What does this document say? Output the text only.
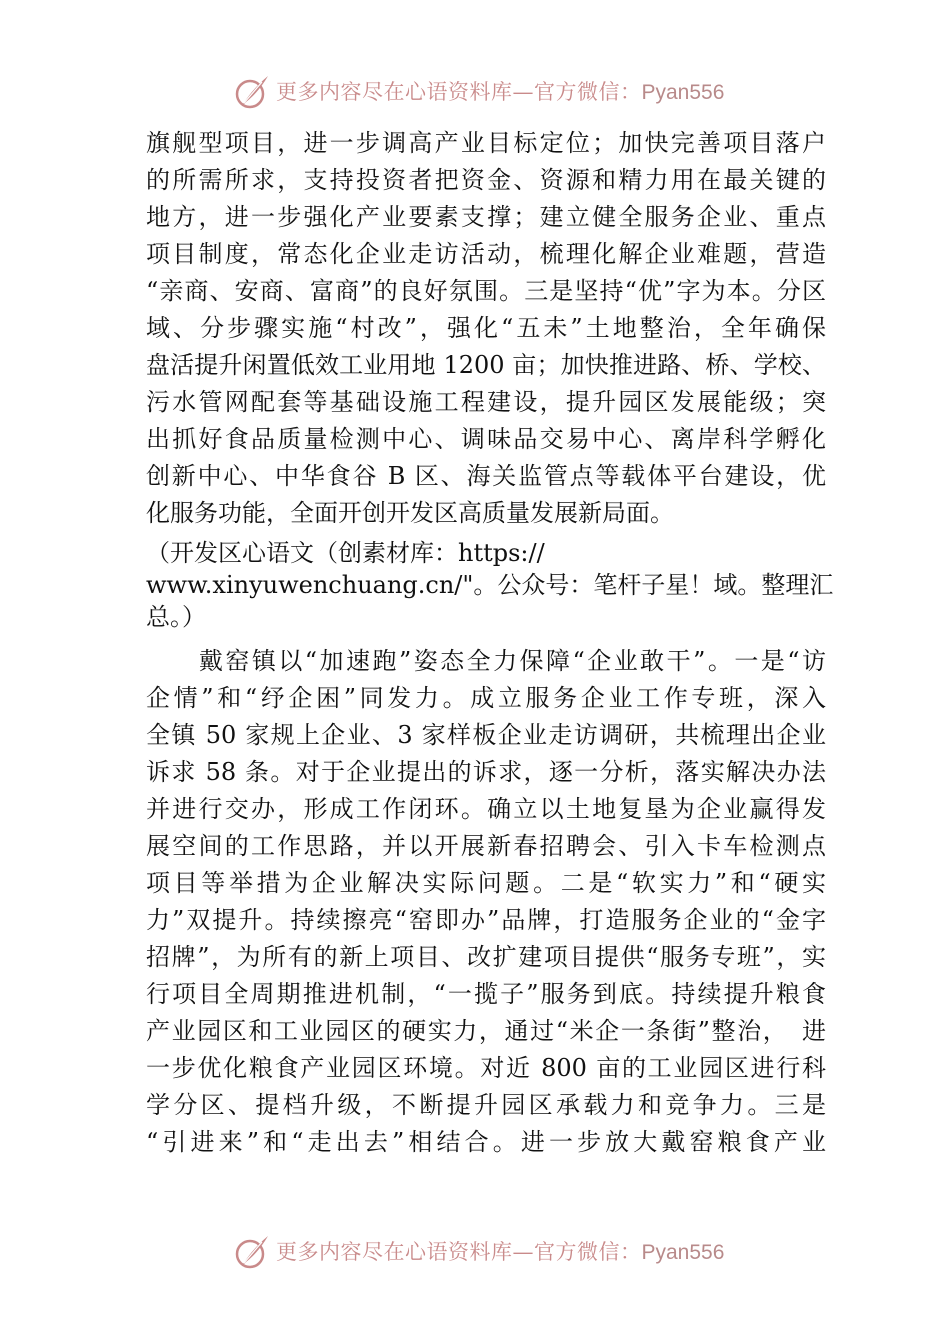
更多内容尽在心语资料库—官方微信：Pyan556
旗舰型项目，进一步调高产业目标定位；加快完善项目落户
的所需所求，支持投资者把资金、资源和精力用在最关键的
地方，进一步强化产业要素支撑；建立健全服务企业、重点
项目制度，常态化企业走访活动，梳理化解企业难题，营造
“亲商、安商、富商”的良好氛围。三是坚持“优”字为本。分区
域、分步骤实施“村改”，强化“五未”土地整治，全年确保
盘活提升闲置低效工业用地 1200 亩；加快推进路、桥、学校、
污水管网配套等基础设施工程建设，提升园区发展能级；突
出抓好食品质量检测中心、调味品交易中心、离岸科学孵化
创新中心、中华食谷 B 区、海关监管点等载体平台建设，优
化服务功能，全面开创开发区高质量发展新局面。
（开发区心语文（创素材库：https://
www.xinyuwenchuang.cn/"。公众号：笔杆子星！域。整理汇
总。）
　　戴窑镇以“加速跑”姿态全力保障“企业敢干”。一是“访
企情”和“纾企困”同发力。成立服务企业工作专班，深入
全镇 50 家规上企业、3 家样板企业走访调研，共梳理出企业
诉求 58 条。对于企业提出的诉求，逐一分析，落实解决办法
并进行交办，形成工作闭环。确立以土地复垦为企业赢得发
展空间的工作思路，并以开展新春招聘会、引入卡车检测点
项目等举措为企业解决实际问题。二是“软实力”和“硬实
力”双提升。持续擦亮“窑即办”品牌，打造服务企业的“金字
招牌”，为所有的新上项目、改扩建项目提供“服务专班”，实
行项目全周期推进机制，“一揽子”服务到底。持续提升粮食
产业园区和工业园区的硬实力，通过“米企一条街”整治，　进
一步优化粮食产业园区环境。对近 800 亩的工业园区进行科
学分区、提档升级，不断提升园区承载力和竞争力。三是
“引进来”和“走出去”相结合。进一步放大戴窑粮食产业
更多内容尽在心语资料库—官方微信：Pyan556
